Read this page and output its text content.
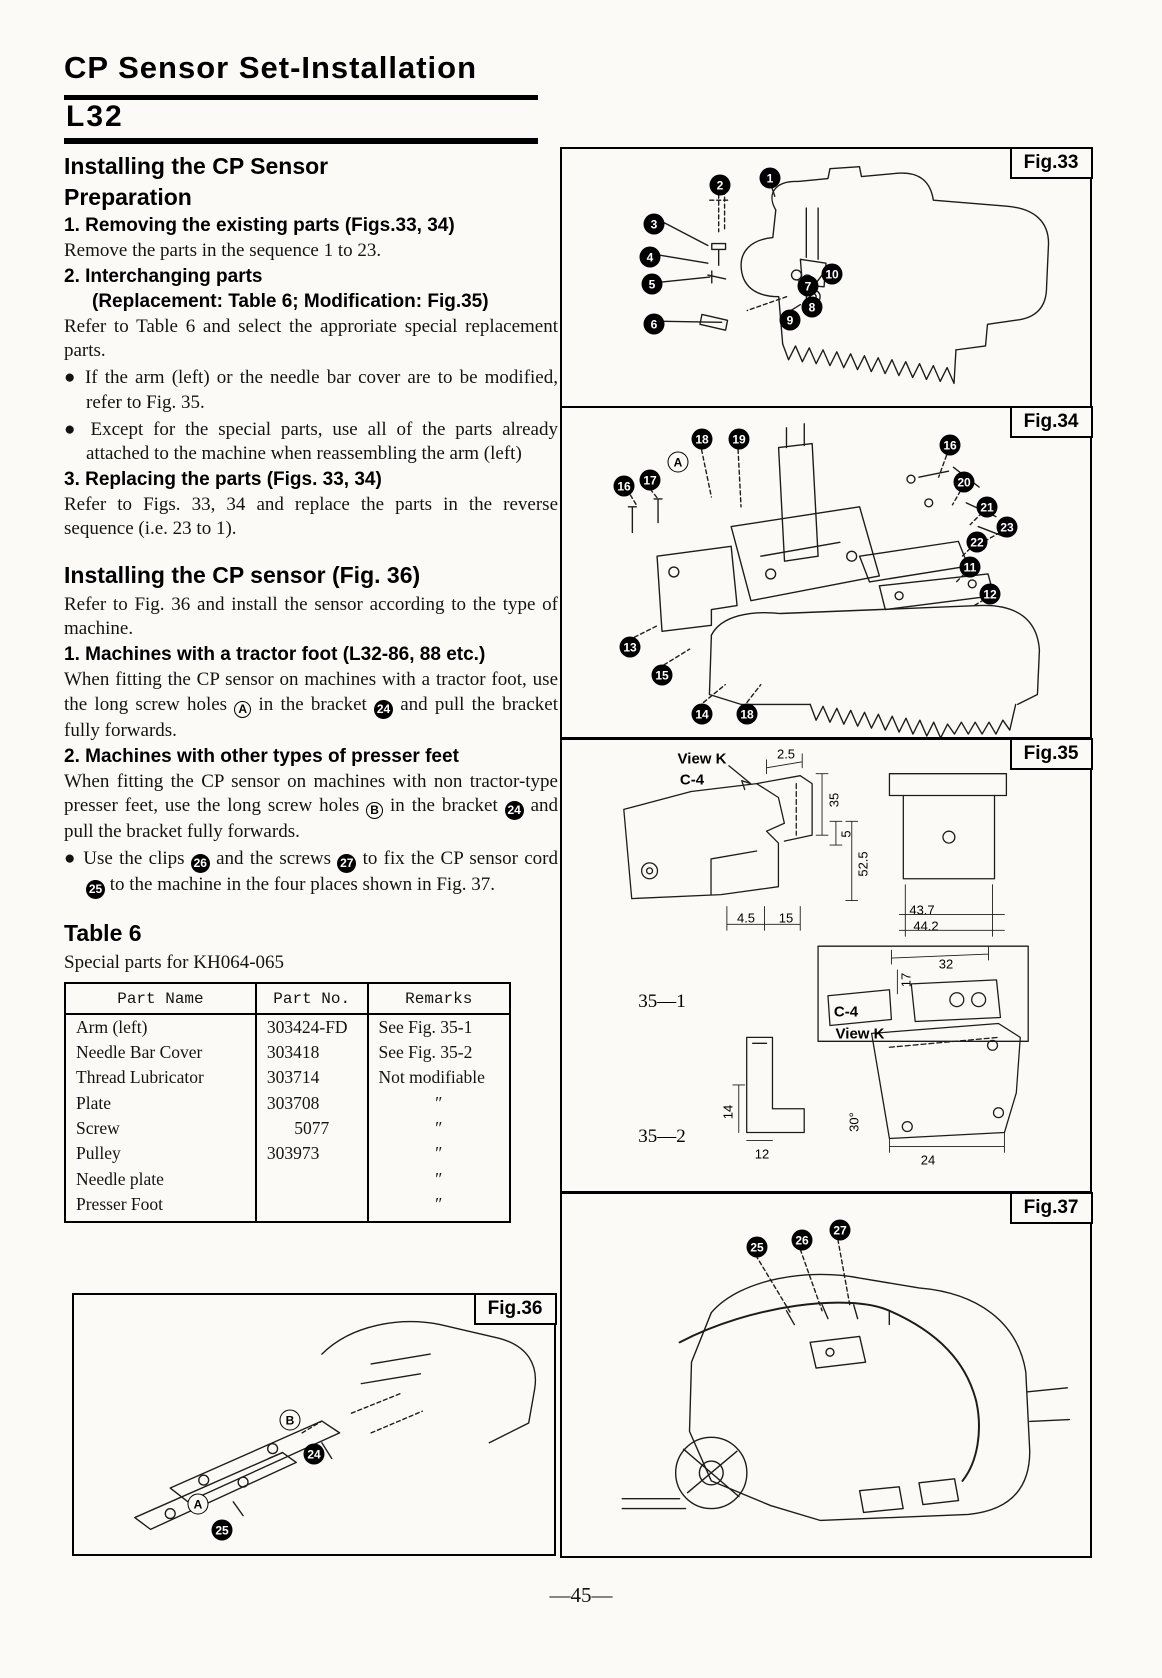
CP Sensor Set-Installation
L32
Installing the CP Sensor
Preparation
1. Removing the existing parts (Figs.33, 34)

Remove the parts in the sequence 1 to 23.

2. Interchanging parts
(Replacement: Table 6; Modification: Fig.35)

Refer to Table 6 and select the approriate special replacement parts.

● If the arm (left) or the needle bar cover are to be modified, refer to Fig. 35.

● Except for the special parts, use all of the parts already attached to the machine when reassembling the arm (left)

3. Replacing the parts (Figs. 33, 34)

Refer to Figs. 33, 34 and replace the parts in the reverse sequence (i.e. 23 to 1).

Installing the CP sensor (Fig. 36)

Refer to Fig. 36 and install the sensor according to the type of machine.

1. Machines with a tractor foot (L32-86, 88 etc.)

When fitting the CP sensor on machines with a tractor foot, use the long screw holes A in the bracket 24 and pull the bracket fully forwards.

2. Machines with other types of presser feet

When fitting the CP sensor on machines with non tractor-type presser feet, use the long screw holes B in the bracket 24 and pull the bracket fully forwards.

● Use the clips 26 and the screws 27 to fix the CP sensor cord 25 to the machine in the four places shown in Fig. 37.

Table 6

Special parts for KH064-065

Part Name	Part No.	Remarks
Arm (left)	303424-FD	See Fig. 35-1
Needle Bar Cover	303418	See Fig. 35-2
Thread Lubricator	303714	Not modifiable
Plate	303708	″
Screw	5077	″
Pulley	303973	″
Needle plate		″
Presser Foot		″
Fig.33
2	1
3
4
5	7
10
8
9
6
Fig.34
18	19	16
A
16	17	20
21
23
22
11
12
13
15
14	18
Fig.35
View K
C-4
2.5
35
5
52.5
4.5 15
43.7
44.2
32
17
C-4
View K
35—1
35—2
14
12
30°
24
Fig.37
25	26
27
Fig.36
B
24
A
25
—45—
